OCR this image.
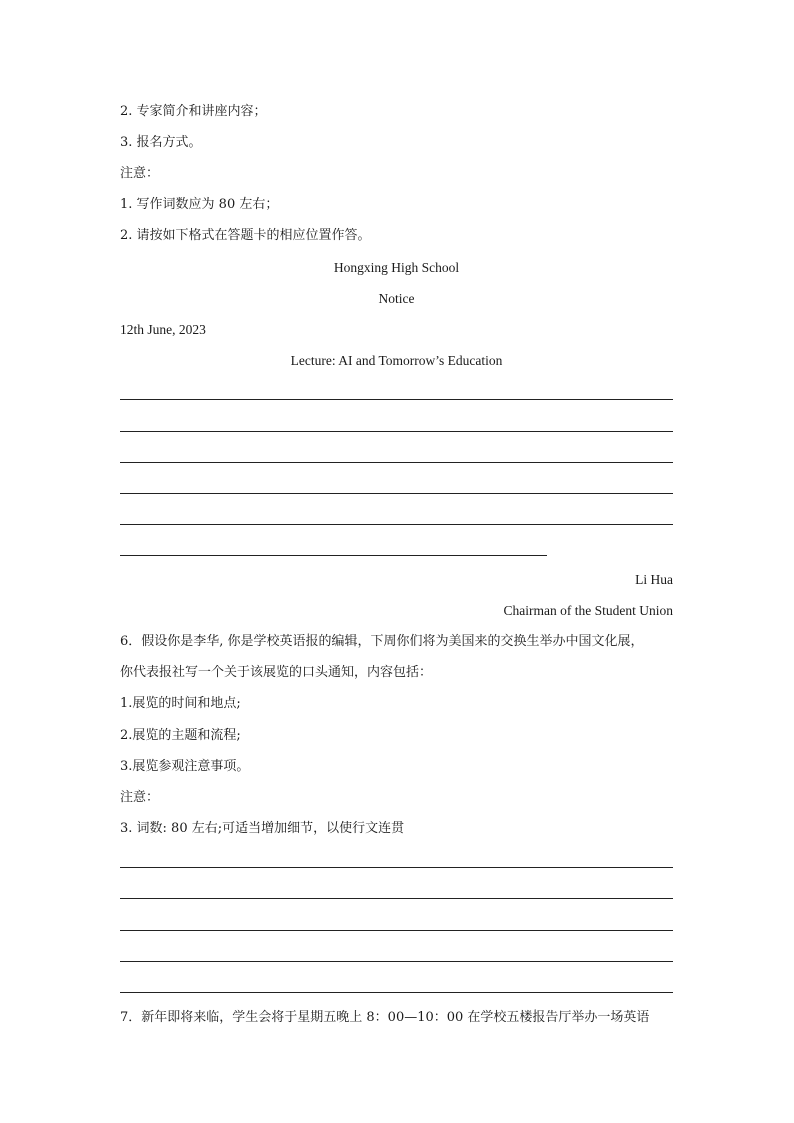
2. 专家简介和讲座内容；
3. 报名方式。
注意：
1. 写作词数应为 80 左右；
2. 请按如下格式在答题卡的相应位置作答。
Hongxing High School
Notice
12th June, 2023
Lecture: AI and Tomorrow’s Education
Li Hua
Chairman of the Student Union
6．假设你是李华, 你是学校英语报的编辑，下周你们将为美国来的交换生举办中国文化展，
你代表报社写一个关于该展览的口头通知，内容包括：
1.展览的时间和地点;
2.展览的主题和流程;
3.展览参观注意事项。
注意：
3. 词数: 80 左右;可适当增加细节，以使行文连贯
7．新年即将来临，学生会将于星期五晚上 8：00—10：00 在学校五楼报告厅举办一场英语
